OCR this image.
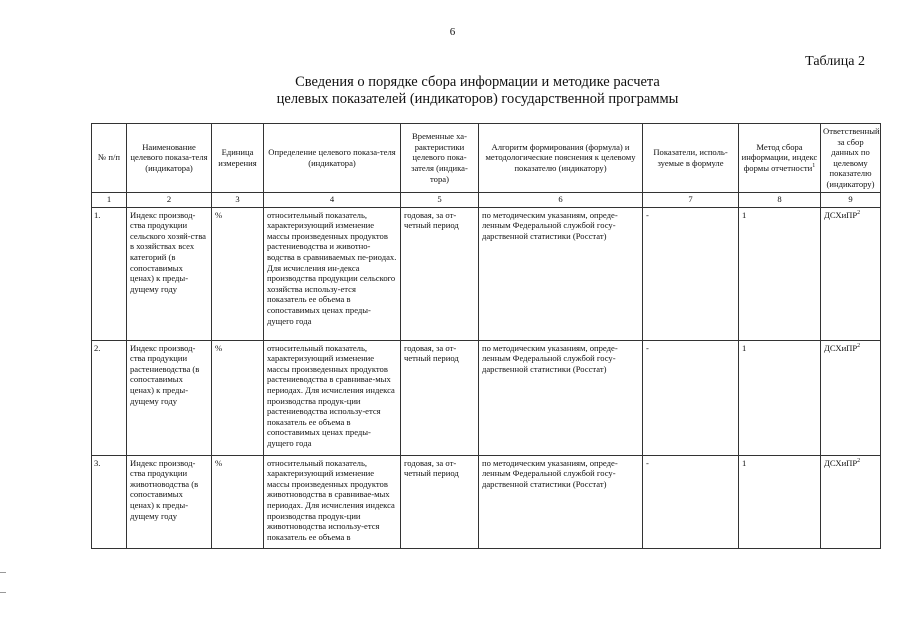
6
Таблица 2
Сведения о порядке сбора информации и методике расчета
целевых показателей (индикаторов) государственной программы
№ п/п	Наименование целевого показа-теля (индикатора)	Единица измерения	Определение целевого показа-теля (индикатора)	Временные ха-рактеристики целевого пока-зателя (индика-тора)	Алгоритм формирования (формула) и методологические пояснения к целевому показателю (индикатору)	Показатели, исполь-зуемые в формуле	Метод сбора информации, индекс формы отчетности$^1$	Ответственный за сбор данных по целевому показателю (индикатору)
1	2	3	4	5	6	7	8	9
1.	Индекс производ-ства продукции сельского хозяй-ства в хозяйствах всех категорий (в сопоставимых ценах) к преды-дущему году	%	относительный показатель, характеризующий изменение массы произведенных продуктов растениеводства и животно-водства в сравниваемых пе-риодах. Для исчисления ин-декса производства продукции сельского хозяйства использу-ется показатель ее объема в сопоставимых ценах преды-дущего года	годовая, за от-четный период	по методическим указаниям, опреде-ленным Федеральной службой госу-дарственной статистики (Росстат)	-	1	ДСХиПР$^2$
2.	Индекс производ-ства продукции растениеводства (в сопоставимых ценах) к преды-дущему году	%	относительный показатель, характеризующий изменение массы произведенных продуктов растениеводства в сравнивае-мых периодах. Для исчисления индекса производства продук-ции растениеводства использу-ется показатель ее объема в сопоставимых ценах преды-дущего года	годовая, за от-четный период	по методическим указаниям, опреде-ленным Федеральной службой госу-дарственной статистики (Росстат)	-	1	ДСХиПР$^2$
3.	Индекс производ-ства продукции животноводства (в сопоставимых ценах) к преды-дущему году	%	относительный показатель, характеризующий изменение массы произведенных продуктов животноводства в сравнивае-мых периодах. Для исчисления индекса производства продук-ции животноводства использу-ется показатель ее объема в	годовая, за от-четный период	по методическим указаниям, опреде-ленным Федеральной службой госу-дарственной статистики (Росстат)	-	1	ДСХиПР$^2$
